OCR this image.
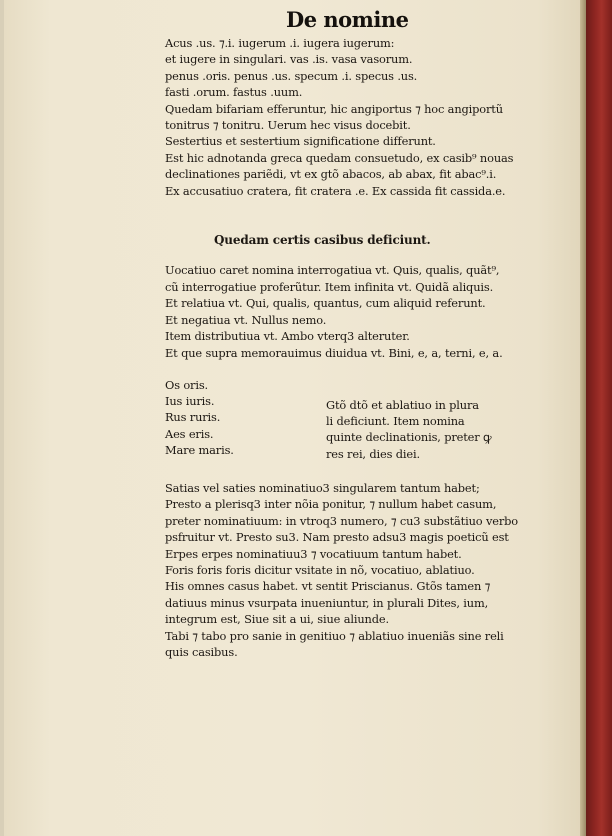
De nomine
Acus .us. ⁊.i. iugerum .i. iugera iugerum:
et iugere in singulari. vas .is. vasa vasorum.
penus .oris. penus .us. specum .i. specus .us.
fasti .orum. fastus .uum.
Quedam bifariam efferuntur, hic angiportus ⁊ hoc angiportũ
tonitrus ⁊ tonitru. Uerum hec visus docebit.
Sestertius et sestertium significatione differunt.
Est hic adnotanda greca quedam consuetudo, ex casib⁹ nouas
declinationes pariẽdi, vt ex gtõ abacos, ab abax, fit abac⁹.i.
Ex accusatiuo cratera, fit cratera .e. Ex cassida fit cassida.e.
Quedam certis casibus deficiunt.
Uocatiuo caret nomina interrogatiua vt. Quis, qualis, quãt⁹,
cũ interrogatiue proferũtur. Item infinita vt. Quidã aliquis.
Et relatiua vt. Qui, qualis, quantus, cum aliquid referunt.
Et negatiua vt. Nullus nemo.
Item distributiua vt. Ambo vterq3 alteruter.
Et que supra memorauimus diuidua vt. Bini, e, a, terni, e, a.
Os oris.
Ius iuris.
Rus ruris.
Aes eris.
Mare maris.
Gtõ dtõ et ablatiuo in plura
li deficiunt. Item nomina
quinte declinationis, preter ꝙ
res rei, dies diei.
Satias vel saties nominatiuo3 singularem tantum habet;
Presto a plerisq3 inter nõia ponitur, ⁊ nullum habet casum,
preter nominatiuum: in vtroq3 numero, ⁊ cu3 substãtiuo verbo
psfruitur vt. Presto su3. Nam presto adsu3 magis poeticũ est
Erpes erpes nominatiuu3 ⁊ vocatiuum tantum habet.
Foris foris foris dicitur vsitate in nõ, vocatiuo, ablatiuo.
His omnes casus habet. vt sentit Priscianus. Gtõs tamen ⁊
datiuus minus vsurpata inueniuntur, in plurali Dites, ium,
integrum est, Siue sit a ui, siue aliunde.
Tabi ⁊ tabo pro sanie in genitiuo ⁊ ablatiuo inueniãs sine reli
quis casibus.
